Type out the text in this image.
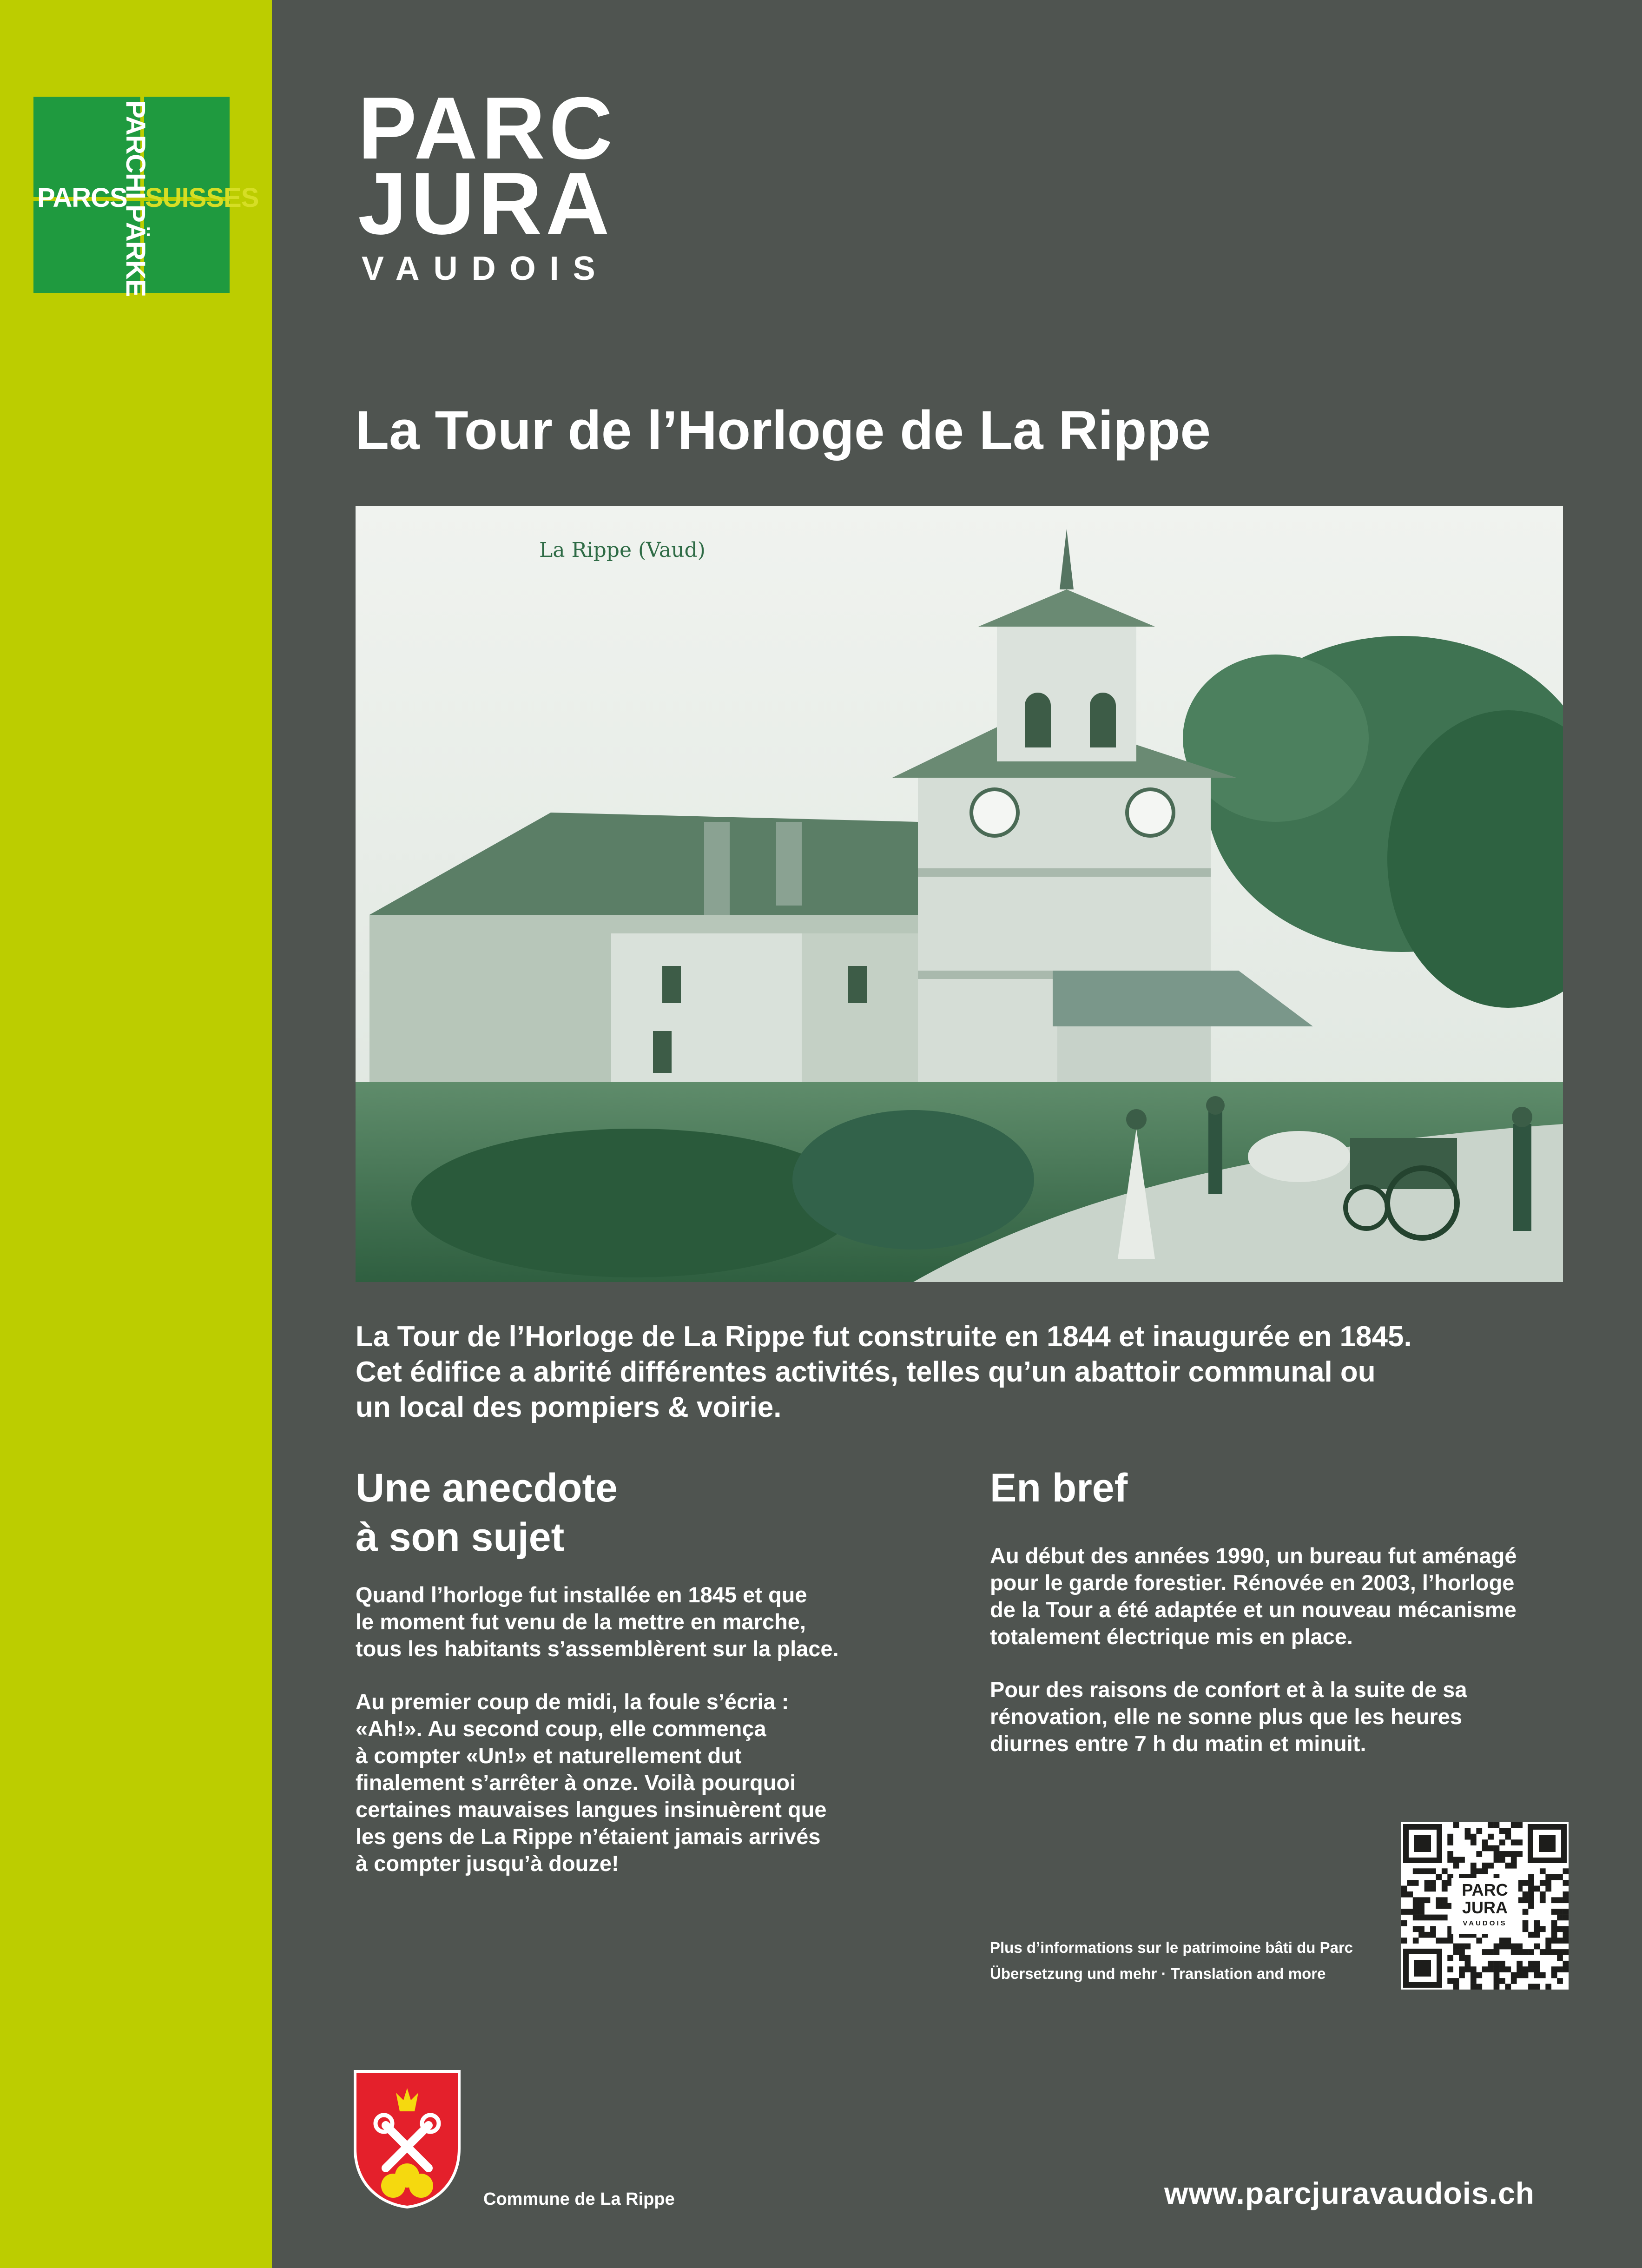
PARCS SUISSES
PARCHI
PÄRKE
PARC
JURA
VAUDOIS
La Tour de l’Horloge de La Rippe
La Rippe (Vaud)

La Tour de l’Horloge de La Rippe fut construite en 1844 et inaugurée en 1845.

Cet édifice a abrité différentes activités, telles qu’un abattoir communal ou

un local des pompiers & voirie.

Une anecdote
à son sujet

Quand l’horloge fut installée en 1845 et que

le moment fut venu de la mettre en marche,

tous les habitants s’assemblèrent sur la place.

Au premier coup de midi, la foule s’écria :

«Ah!». Au second coup, elle commença

à compter «Un!» et naturellement dut

finalement s’arrêter à onze. Voilà pourquoi

certaines mauvaises langues insinuèrent que

les gens de La Rippe n’étaient jamais arrivés

à compter jusqu’à douze!

En bref

Au début des années 1990, un bureau fut aménagé

pour le garde forestier. Rénovée en 2003, l’horloge

de la Tour a été adaptée et un nouveau mécanisme

totalement électrique mis en place.

Pour des raisons de confort et à la suite de sa

rénovation, elle ne sonne plus que les heures

diurnes entre 7 h du matin et minuit.

Plus d’informations sur le patrimoine bâti du Parc

Übersetzung und mehr · Translation and more

PARC
JURA
VAUDOIS
Commune de La Rippe	www.parcjuravaudois.ch
